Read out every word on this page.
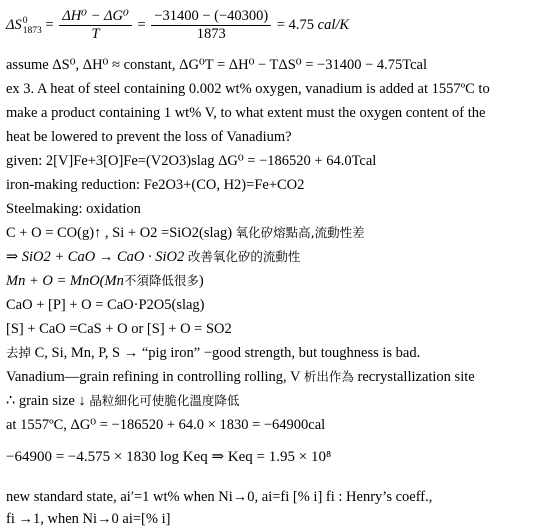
ΔS 0
$1873 = \frac{\text{ΔH⁰ − ΔG⁰}}{T} = \frac{-31400 - (-40300)}{1873} = 4.75$ cal/K
assume ΔS⁰, ΔH⁰ ≈ constant, ΔG⁰T = ΔH⁰ − TΔS⁰ = −31400 − 4.75Tcal
ex 3. A heat of steel containing 0.002 wt% oxygen, vanadium is added at 1557ºC to
make a product containing 1 wt% V, to what extent must the oxygen content of the
heat be lowered to prevent the loss of Vanadium?
given: 2[V]Fe+3[O]Fe=(V2O3)slag ΔG⁰ = −186520 + 64.0Tcal
iron-making reduction: Fe2O3+(CO, H2)=Fe+CO2
Steelmaking: oxidation
C + O = CO(g)↑ , Si + O2 =SiO2(slag) 氧化矽熔點高,流動性差
⇒ SiO2 + CaO → CaO · SiO2 改善氧化矽的流動性
Mn + O = MnO(Mn不須降低很多)
CaO + [P] + O = CaO·P2O5(slag)
[S] + CaO =CaS + O or [S] + O = SO2
去掉 C, Si, Mn, P, S → “pig iron” −good strength, but toughness is bad.
Vanadium—grain refining in controlling rolling, V 析出作為 recrystallization site
∴ grain size ↓ 晶粒細化可使脆化溫度降低
at 1557ºC, ΔG⁰ = −186520 + 64.0 × 1830 = −64900cal
−64900 = −4.575 × 1830 log Keq ⇒ Keq = 1.95 × 10⁸
new standard state, ai′=1 wt% when Ni→0, ai=fi [% i] fi : Henry’s coeff.,
fi →1, when Ni→0 ai=[% i]
